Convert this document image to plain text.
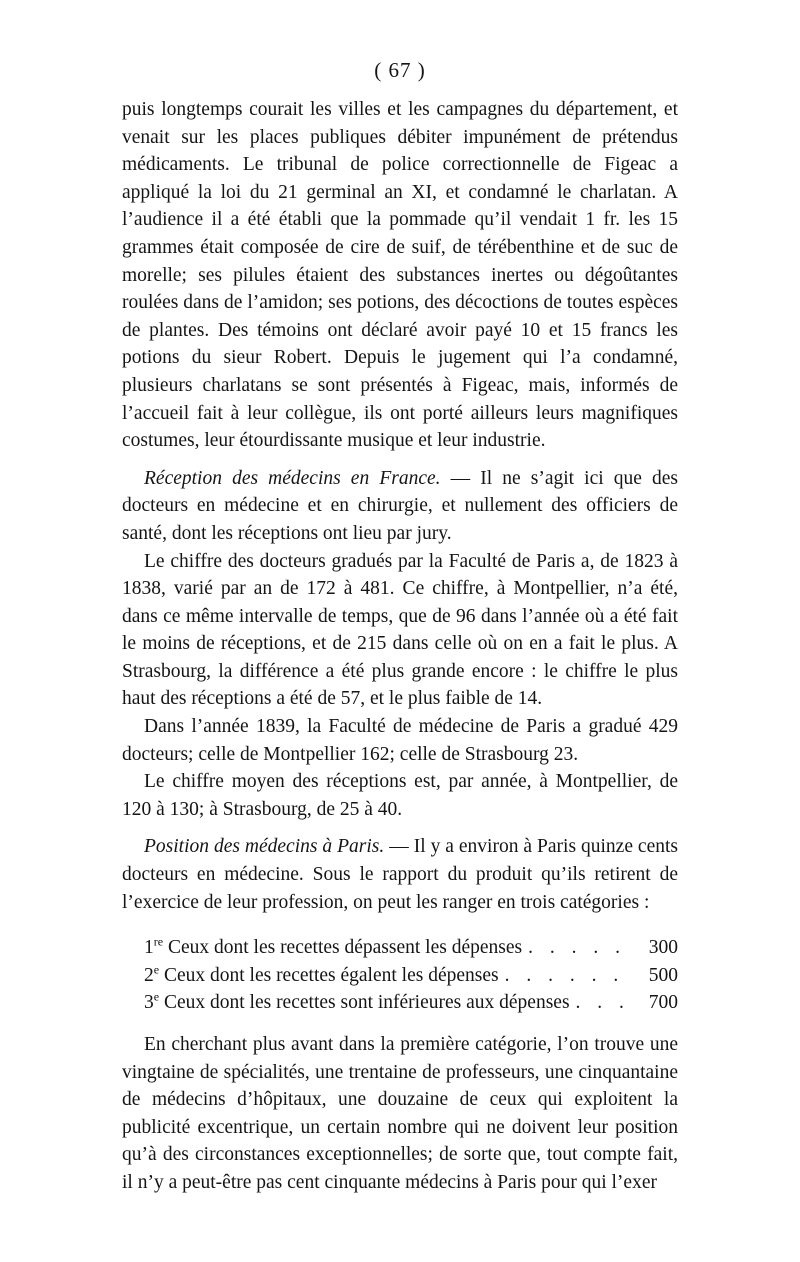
( 67 )

puis longtemps courait les villes et les campagnes du département, et venait sur les places publiques débiter impunément de prétendus médicaments. Le tribunal de police correctionnelle de Figeac a appliqué la loi du 21 germinal an XI, et condamné le charlatan. A l’audience il a été établi que la pommade qu’il vendait 1 fr. les 15 grammes était composée de cire de suif, de térébenthine et de suc de morelle; ses pilules étaient des substances inertes ou dégoûtantes roulées dans de l’amidon; ses potions, des décoctions de toutes espèces de plantes. Des témoins ont déclaré avoir payé 10 et 15 francs les potions du sieur Robert. Depuis le jugement qui l’a condamné, plusieurs charlatans se sont présentés à Figeac, mais, informés de l’accueil fait à leur collègue, ils ont porté ailleurs leurs magnifiques costumes, leur étourdissante musique et leur industrie.

Réception des médecins en France. — Il ne s’agit ici que des docteurs en médecine et en chirurgie, et nullement des officiers de santé, dont les réceptions ont lieu par jury.

Le chiffre des docteurs gradués par la Faculté de Paris a, de 1823 à 1838, varié par an de 172 à 481. Ce chiffre, à Montpellier, n’a été, dans ce même intervalle de temps, que de 96 dans l’année où a été fait le moins de réceptions, et de 215 dans celle où on en a fait le plus. A Strasbourg, la différence a été plus grande encore : le chiffre le plus haut des réceptions a été de 57, et le plus faible de 14.

Dans l’année 1839, la Faculté de médecine de Paris a gradué 429 docteurs; celle de Montpellier 162; celle de Strasbourg 23.

Le chiffre moyen des réceptions est, par année, à Montpellier, de 120 à 130; à Strasbourg, de 25 à 40.

Position des médecins à Paris. — Il y a environ à Paris quinze cents docteurs en médecine. Sous le rapport du produit qu’ils retirent de l’exercice de leur profession, on peut les ranger en trois catégories :

1re Ceux dont les recettes dépassent les dépenses . . .	300
2e Ceux dont les recettes égalent les dépenses . . .	500
3e Ceux dont les recettes sont inférieures aux dépenses . . .	700

En cherchant plus avant dans la première catégorie, l’on trouve une vingtaine de spécialités, une trentaine de professeurs, une cinquantaine de médecins d’hôpitaux, une douzaine de ceux qui exploitent la publicité excentrique, un certain nombre qui ne doivent leur position qu’à des circonstances exceptionnelles; de sorte que, tout compte fait, il n’y a peut-être pas cent cinquante médecins à Paris pour qui l’exer
